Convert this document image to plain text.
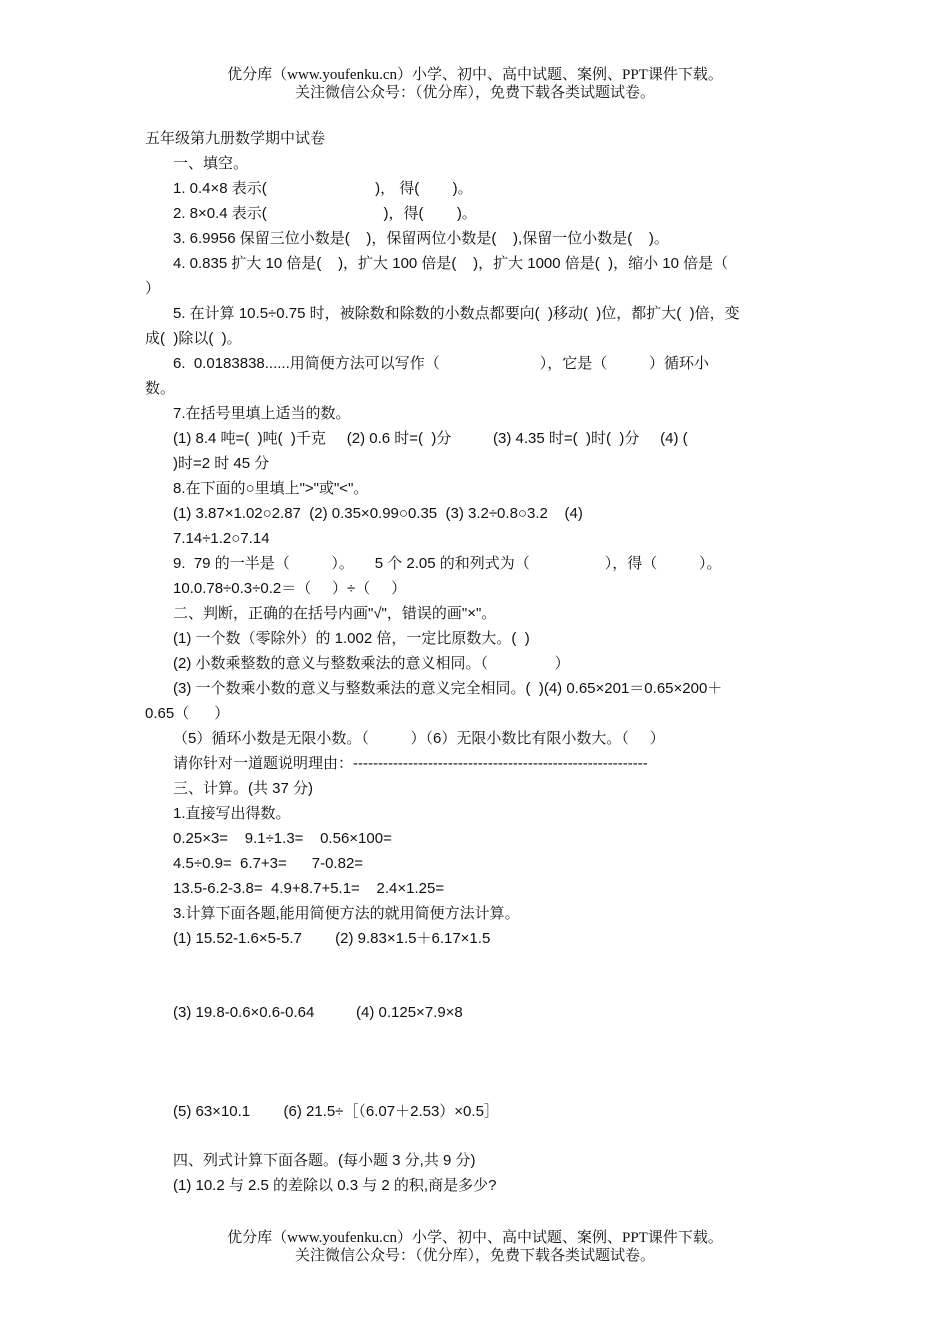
优分库（www.youfenku.cn）小学、初中、高中试题、案例、PPT课件下载。
关注微信公众号：（优分库），免费下载各类试题试卷。
五年级第九册数学期中试卷
一、填空。
1. 0.4×8 表示(                          )， 得(        )。
2. 8×0.4 表示(                            )，得(        )。
3. 6.9956 保留三位小数是(    )，保留两位小数是(    ),保留一位小数是(    )。
4. 0.835 扩大 10 倍是(    )，扩大 100 倍是(    )，扩大 1000 倍是(  )，缩小 10 倍是（
）
5. 在计算 10.5÷0.75 时，被除数和除数的小数点都要向(  )移动(  )位，都扩大(  )倍，变
成(  )除以(  )。
6.  0.0183838......用简便方法可以写作（                        ），它是（          ）循环小
数。
7.在括号里填上适当的数。
(1) 8.4 吨=(  )吨(  )千克     (2) 0.6 时=(  )分          (3) 4.35 时=(  )时(  )分     (4) (
)时=2 时 45 分
8.在下面的○里填上">"或"<"。
(1) 3.87×1.02○2.87  (2) 0.35×0.99○0.35  (3) 3.2÷0.8○3.2    (4)
7.14÷1.2○7.14
9.  79 的一半是（          ）。     5 个 2.05 的和列式为（                  ），得（          ）。
10.0.78÷0.3÷0.2＝（     ）÷（     ）
二、判断，正确的在括号内画"√"，错误的画"×"。
(1) 一个数（零除外）的 1.002 倍，一定比原数大。(  )
(2) 小数乘整数的意义与整数乘法的意义相同。（                ）
(3) 一个数乘小数的意义与整数乘法的意义完全相同。(  )(4) 0.65×201＝0.65×200＋
0.65（      ）
（5）循环小数是无限小数。（          ）（6）无限小数比有限小数大。（     ）
请你针对一道题说明理由：-----------------------------------------------------------
三、计算。(共 37 分)
1.直接写出得数。
0.25×3=    9.1÷1.3=    0.56×100=
4.5÷0.9=  6.7+3=      7-0.82=
13.5-6.2-3.8=  4.9+8.7+5.1=    2.4×1.25=
3.计算下面各题,能用简便方法的就用简便方法计算。
(1) 15.52-1.6×5-5.7        (2) 9.83×1.5＋6.17×1.5
(3) 19.8-0.6×0.6-0.64          (4) 0.125×7.9×8
(5) 63×10.1        (6) 21.5÷［（6.07＋2.53）×0.5］
四、列式计算下面各题。(每小题 3 分,共 9 分)
(1) 10.2 与 2.5 的差除以 0.3 与 2 的积,商是多少?
优分库（www.youfenku.cn）小学、初中、高中试题、案例、PPT课件下载。
关注微信公众号：（优分库），免费下载各类试题试卷。
